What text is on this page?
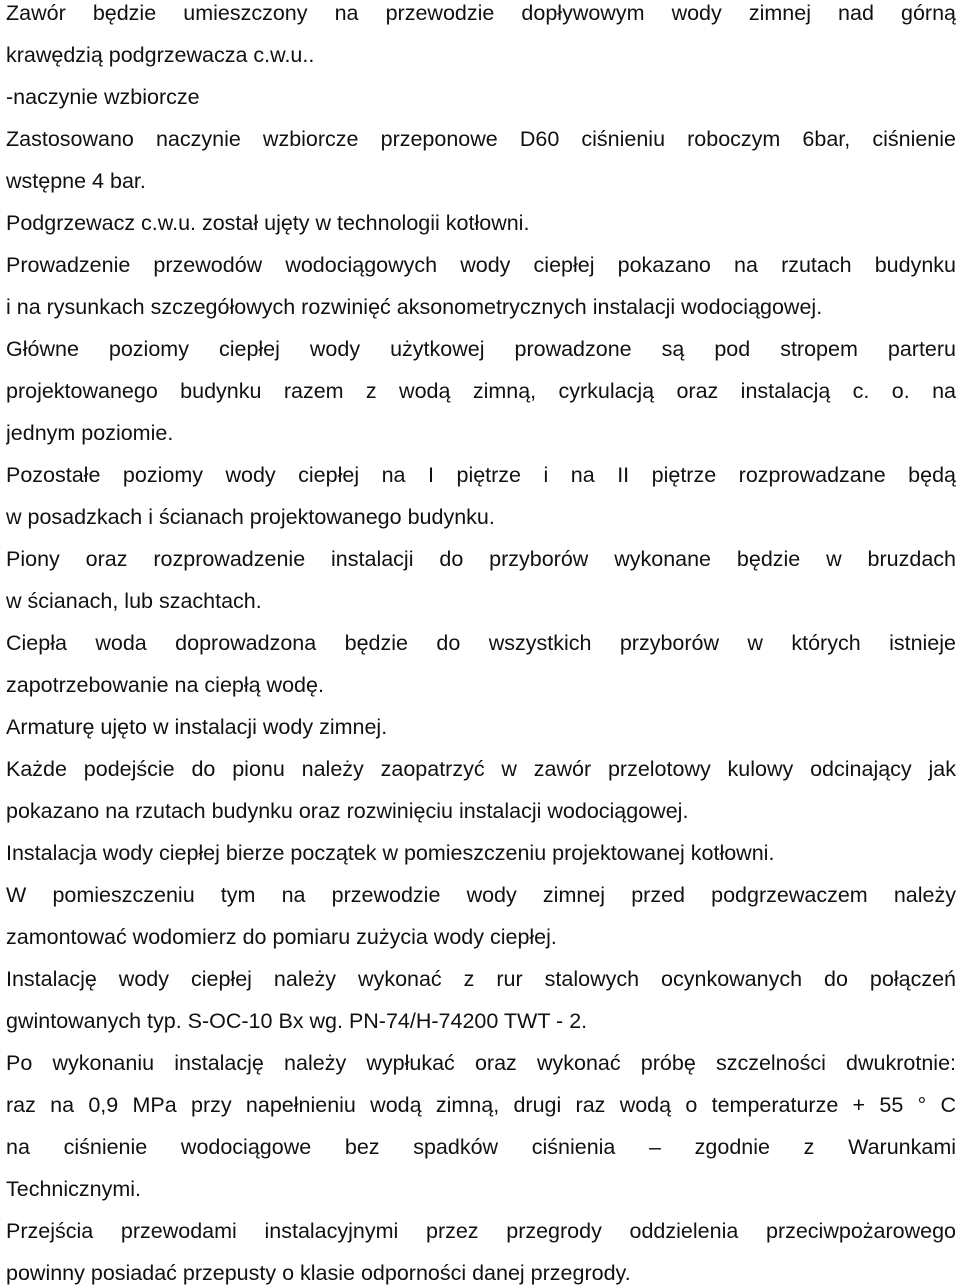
Zawór będzie umieszczony na przewodzie dopływowym wody zimnej nad górną
krawędzią podgrzewacza c.w.u..
-naczynie wzbiorcze
Zastosowano naczynie wzbiorcze przeponowe D60 ciśnieniu roboczym 6bar, ciśnienie
wstępne 4 bar.
Podgrzewacz c.w.u. został ujęty w technologii kotłowni.
Prowadzenie przewodów wodociągowych wody ciepłej pokazano na rzutach budynku
i na rysunkach szczegółowych rozwinięć aksonometrycznych instalacji wodociągowej.
Główne poziomy ciepłej wody użytkowej prowadzone są pod stropem parteru
projektowanego budynku razem z wodą zimną, cyrkulacją oraz instalacją c. o. na
jednym poziomie.
Pozostałe poziomy wody ciepłej na I piętrze i na II piętrze rozprowadzane będą
w posadzkach i ścianach projektowanego budynku.
Piony oraz rozprowadzenie instalacji do przyborów wykonane będzie w bruzdach
w ścianach, lub szachtach.
Ciepła woda doprowadzona będzie do wszystkich przyborów w których istnieje
zapotrzebowanie na ciepłą wodę.
Armaturę ujęto w instalacji wody zimnej.
Każde podejście do pionu należy zaopatrzyć w zawór przelotowy kulowy odcinający jak
pokazano na rzutach budynku oraz rozwinięciu instalacji wodociągowej.
Instalacja wody ciepłej bierze początek w pomieszczeniu projektowanej kotłowni.
W pomieszczeniu tym na przewodzie wody zimnej przed podgrzewaczem należy
zamontować wodomierz do pomiaru zużycia wody ciepłej.
Instalację wody ciepłej należy wykonać z rur stalowych ocynkowanych do połączeń
gwintowanych typ. S-OC-10 Bx wg. PN-74/H-74200 TWT - 2.
Po wykonaniu instalację należy wypłukać oraz wykonać próbę szczelności dwukrotnie:
raz na 0,9 MPa przy napełnieniu wodą zimną, drugi raz wodą o temperaturze + 55 ° C
na ciśnienie wodociągowe bez spadków ciśnienia – zgodnie z Warunkami
Technicznymi.
Przejścia przewodami instalacyjnymi przez przegrody oddzielenia przeciwpożarowego
powinny posiadać przepusty o klasie odporności danej przegrody.
